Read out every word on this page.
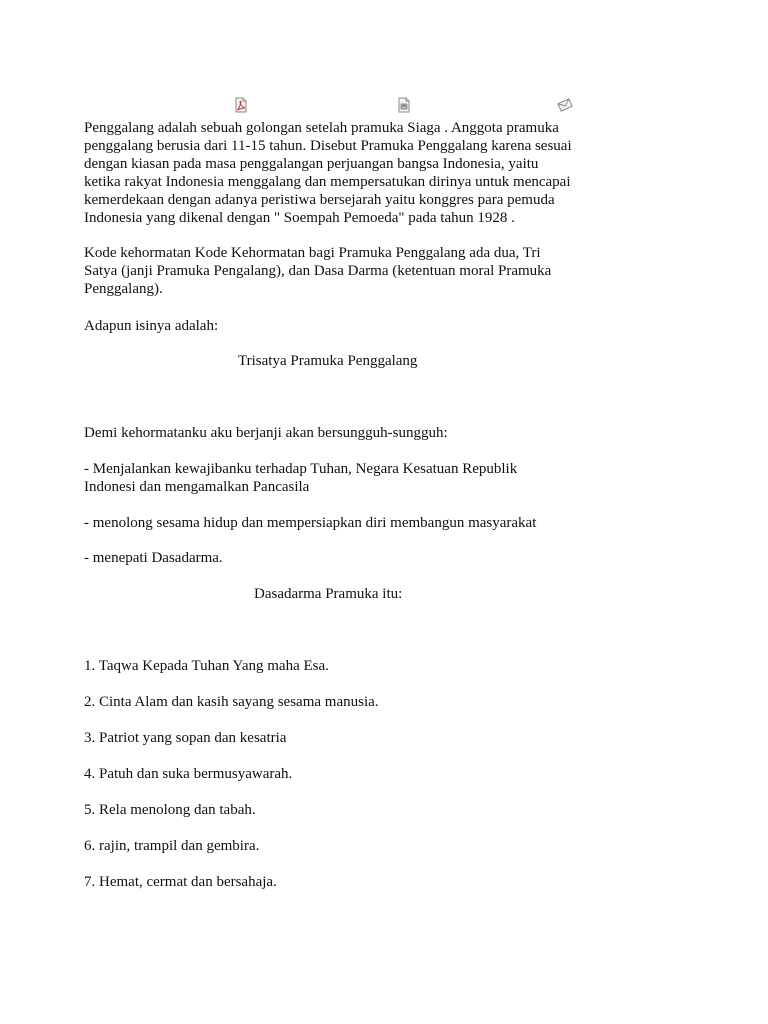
Penggalang adalah sebuah golongan setelah pramuka Siaga . Anggota pramuka penggalang berusia dari 11-15 tahun. Disebut Pramuka Penggalang karena sesuai dengan kiasan pada masa penggalangan perjuangan bangsa Indonesia, yaitu ketika rakyat Indonesia menggalang dan mempersatukan dirinya untuk mencapai kemerdekaan dengan adanya peristiwa bersejarah yaitu konggres para pemuda Indonesia yang dikenal dengan " Soempah Pemoeda" pada tahun 1928 .

Kode kehormatan Kode Kehormatan bagi Pramuka Penggalang ada dua, Tri Satya (janji Pramuka Pengalang), dan Dasa Darma (ketentuan moral Pramuka Penggalang).

Adapun isinya adalah:

Trisatya Pramuka Penggalang

Demi kehormatanku aku berjanji akan bersungguh-sungguh:

- Menjalankan kewajibanku terhadap Tuhan, Negara Kesatuan Republik Indonesi dan mengamalkan Pancasila

- menolong sesama hidup dan mempersiapkan diri membangun masyarakat

- menepati Dasadarma.

Dasadarma Pramuka itu:

1. Taqwa Kepada Tuhan Yang maha Esa.

2. Cinta Alam dan kasih sayang sesama manusia.

3. Patriot yang sopan dan kesatria

4. Patuh dan suka bermusyawarah.

5. Rela menolong dan tabah.

6. rajin, trampil dan gembira.

7. Hemat, cermat dan bersahaja.
